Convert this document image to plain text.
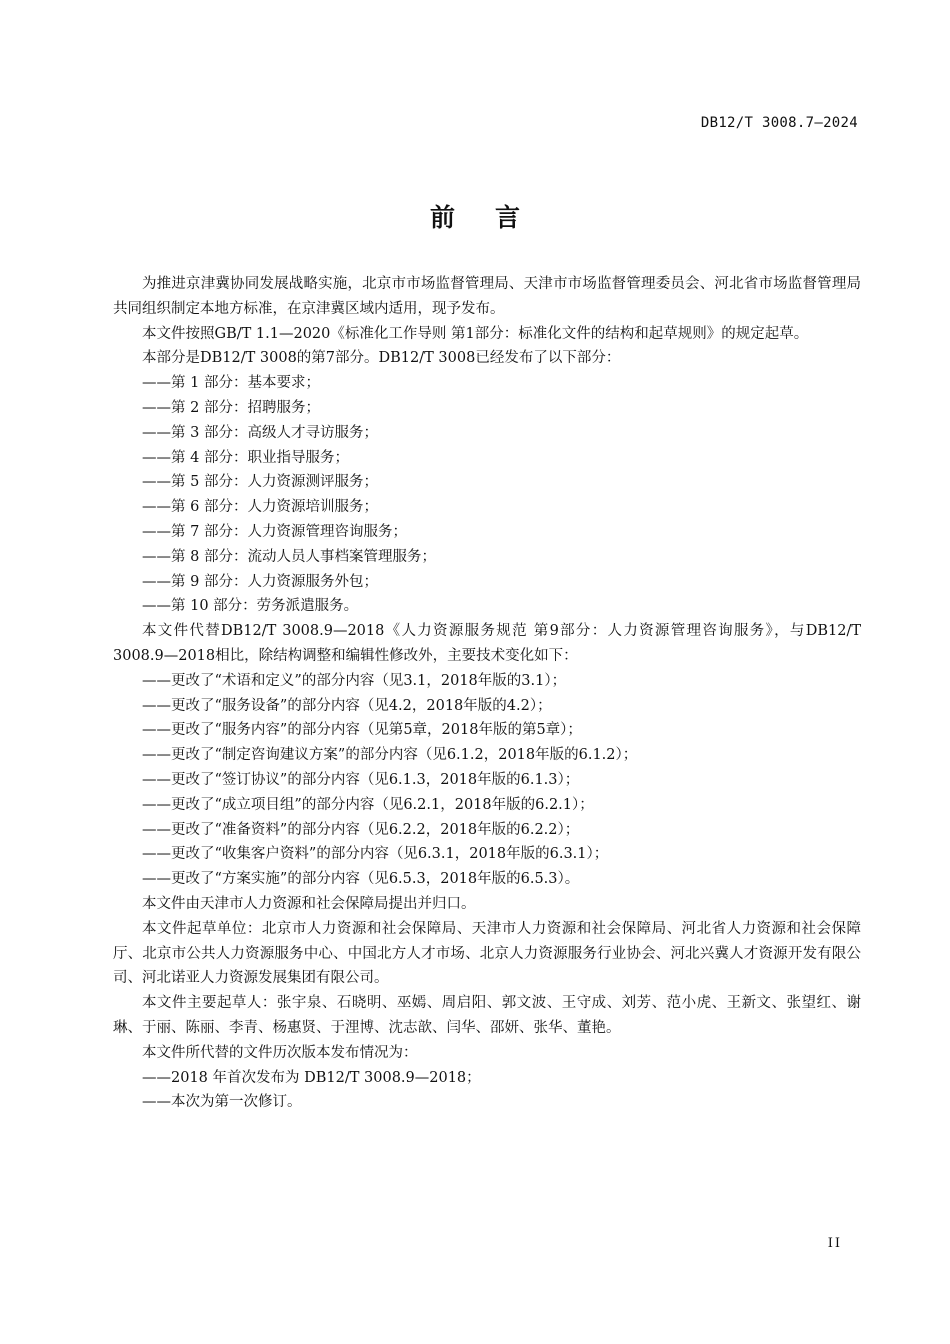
DB12/T 3008.7—2024
前言

为推进京津冀协同发展战略实施，北京市市场监督管理局、天津市市场监督管理委员会、河北省市场监督管理局共同组织制定本地方标准，在京津冀区域内适用，现予发布。

本文件按照GB/T 1.1—2020《标准化工作导则 第1部分：标准化文件的结构和起草规则》的规定起草。

本部分是DB12/T 3008的第7部分。DB12/T 3008已经发布了以下部分：

——第 1 部分：基本要求；

——第 2 部分：招聘服务；

——第 3 部分：高级人才寻访服务；

——第 4 部分：职业指导服务；

——第 5 部分：人力资源测评服务；

——第 6 部分：人力资源培训服务；

——第 7 部分：人力资源管理咨询服务；

——第 8 部分：流动人员人事档案管理服务；

——第 9 部分：人力资源服务外包；

——第 10 部分：劳务派遣服务。

本文件代替DB12/T 3008.9—2018《人力资源服务规范 第9部分：人力资源管理咨询服务》，与DB12/T 3008.9—2018相比，除结构调整和编辑性修改外，主要技术变化如下：

——更改了“术语和定义”的部分内容（见3.1，2018年版的3.1）；

——更改了“服务设备”的部分内容（见4.2，2018年版的4.2）；

——更改了“服务内容”的部分内容（见第5章，2018年版的第5章）；

——更改了“制定咨询建议方案”的部分内容（见6.1.2，2018年版的6.1.2）；

——更改了“签订协议”的部分内容（见6.1.3，2018年版的6.1.3）；

——更改了“成立项目组”的部分内容（见6.2.1，2018年版的6.2.1）；

——更改了“准备资料”的部分内容（见6.2.2，2018年版的6.2.2）；

——更改了“收集客户资料”的部分内容（见6.3.1，2018年版的6.3.1）；

——更改了“方案实施”的部分内容（见6.5.3，2018年版的6.5.3）。

本文件由天津市人力资源和社会保障局提出并归口。

本文件起草单位：北京市人力资源和社会保障局、天津市人力资源和社会保障局、河北省人力资源和社会保障厅、北京市公共人力资源服务中心、中国北方人才市场、北京人力资源服务行业协会、河北兴冀人才资源开发有限公司、河北诺亚人力资源发展集团有限公司。

本文件主要起草人：张宇泉、石晓明、巫嫣、周启阳、郭文波、王守成、刘芳、范小虎、王新文、张望红、谢琳、于丽、陈丽、李青、杨惠贤、于浬博、沈志歆、闫华、邵妍、张华、董艳。

本文件所代替的文件历次版本发布情况为：

——2018 年首次发布为 DB12/T 3008.9—2018；

——本次为第一次修订。

II
